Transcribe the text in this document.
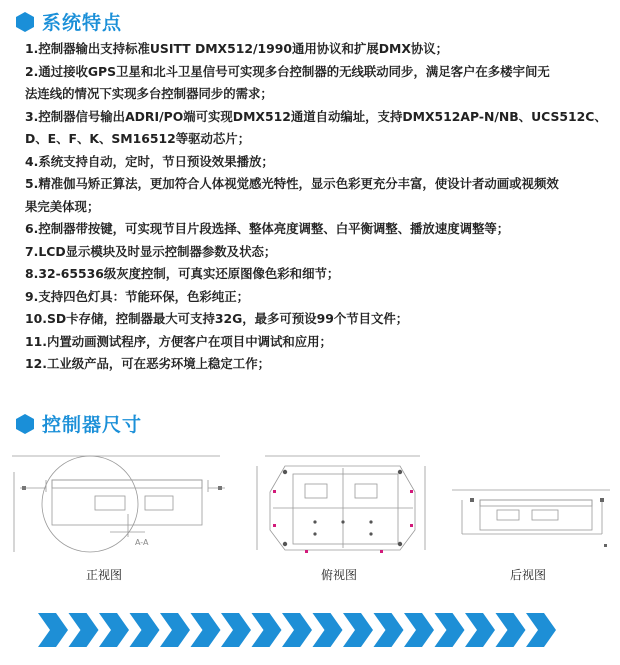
系统特点
1.控制器输出支持标准USITT DMX512/1990通用协议和扩展DMX协议；
2.通过接收GPS卫星和北斗卫星信号可实现多台控制器的无线联动同步，满足客户在多楼宇间无
法连线的情况下实现多台控制器同步的需求；
3.控制器信号输出ADRI/PO端可实现DMX512通道自动编址，支持DMX512AP-N/NB、UCS512C、
D、E、F、K、SM16512等驱动芯片；
4.系统支持自动，定时，节日预设效果播放；
5.精准伽马矫正算法，更加符合人体视觉感光特性，显示色彩更充分丰富，使设计者动画或视频效
果完美体现；
6.控制器带按键，可实现节目片段选择、整体亮度调整、白平衡调整、播放速度调整等；
7.LCD显示模块及时显示控制器参数及状态；
8.32-65536级灰度控制，可真实还原图像色彩和细节；
9.支持四色灯具：节能环保，色彩纯正；
10.SD卡存储，控制器最大可支持32G，最多可预设99个节目文件；
11.内置动画测试程序，方便客户在项目中调试和应用；
12.工业级产品，可在恶劣环境上稳定工作；
控制器尺寸
A-A
正视图	俯视图	后视图
